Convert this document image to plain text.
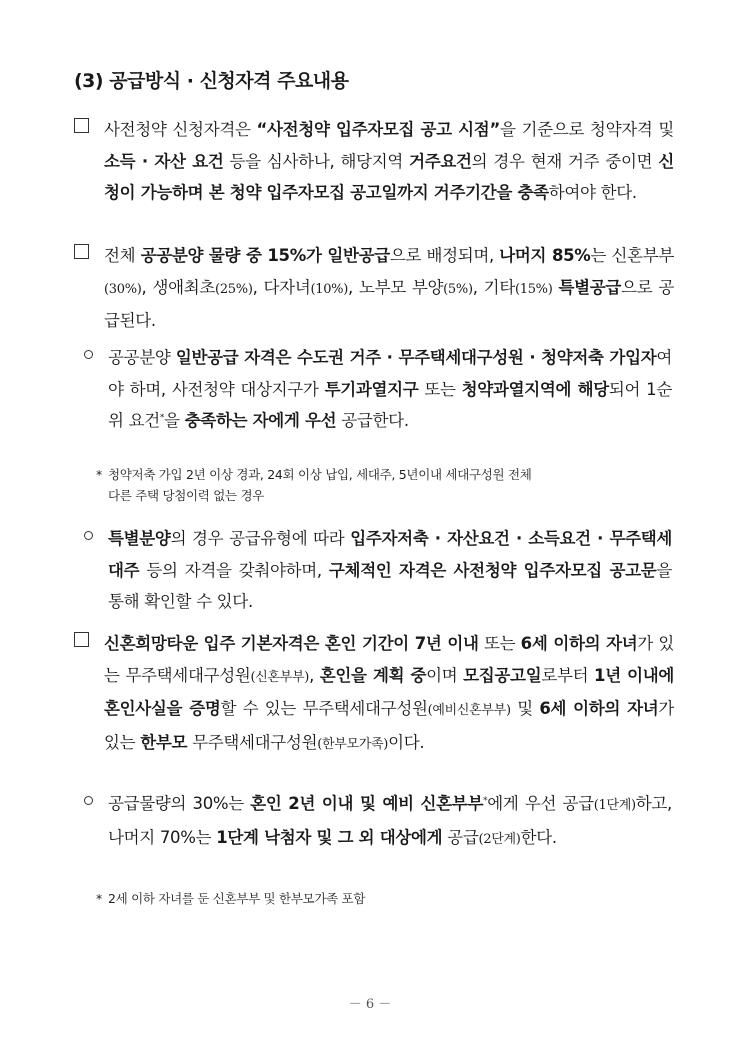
(3) 공급방식 · 신청자격 주요내용
사전청약 신청자격은 “사전청약 입주자모집 공고 시점”을 기준으로 청약자격 및 소득 · 자산 요건 등을 심사하나, 해당지역 거주요건의 경우 현재 거주 중이면 신청이 가능하며 본 청약 입주자모집 공고일까지 거주기간을 충족하여야 한다.
전체 공공분양 물량 중 15%가 일반공급으로 배정되며, 나머지 85%는 신혼부부(30%), 생애최초(25%), 다자녀(10%), 노부모 부양(5%), 기타(15%) 특별공급으로 공급된다.
공공분양 일반공급 자격은 수도권 거주 · 무주택세대구성원 · 청약저축 가입자여야 하며, 사전청약 대상지구가 투기과열지구 또는 청약과열지역에 해당되어 1순위 요건*을 충족하는 자에게 우선 공급한다.
* 청약저축 가입 2년 이상 경과, 24회 이상 납입, 세대주, 5년이내 세대구성원 전체
다른 주택 당첨이력 없는 경우
특별분양의 경우 공급유형에 따라 입주자저축 · 자산요건 · 소득요건 · 무주택세대주 등의 자격을 갖춰야하며, 구체적인 자격은 사전청약 입주자모집 공고문을 통해 확인할 수 있다.
신혼희망타운 입주 기본자격은 혼인 기간이 7년 이내 또는 6세 이하의 자녀가 있는 무주택세대구성원(신혼부부), 혼인을 계획 중이며 모집공고일로부터 1년 이내에 혼인사실을 증명할 수 있는 무주택세대구성원(예비신혼부부) 및 6세 이하의 자녀가 있는 한부모 무주택세대구성원(한부모가족)이다.
공급물량의 30%는 혼인 2년 이내 및 예비 신혼부부*에게 우선 공급(1단계)하고, 나머지 70%는 1단계 낙첨자 및 그 외 대상에게 공급(2단계)한다.
* 2세 이하 자녀를 둔 신혼부부 및 한부모가족 포함
－ 6 －
